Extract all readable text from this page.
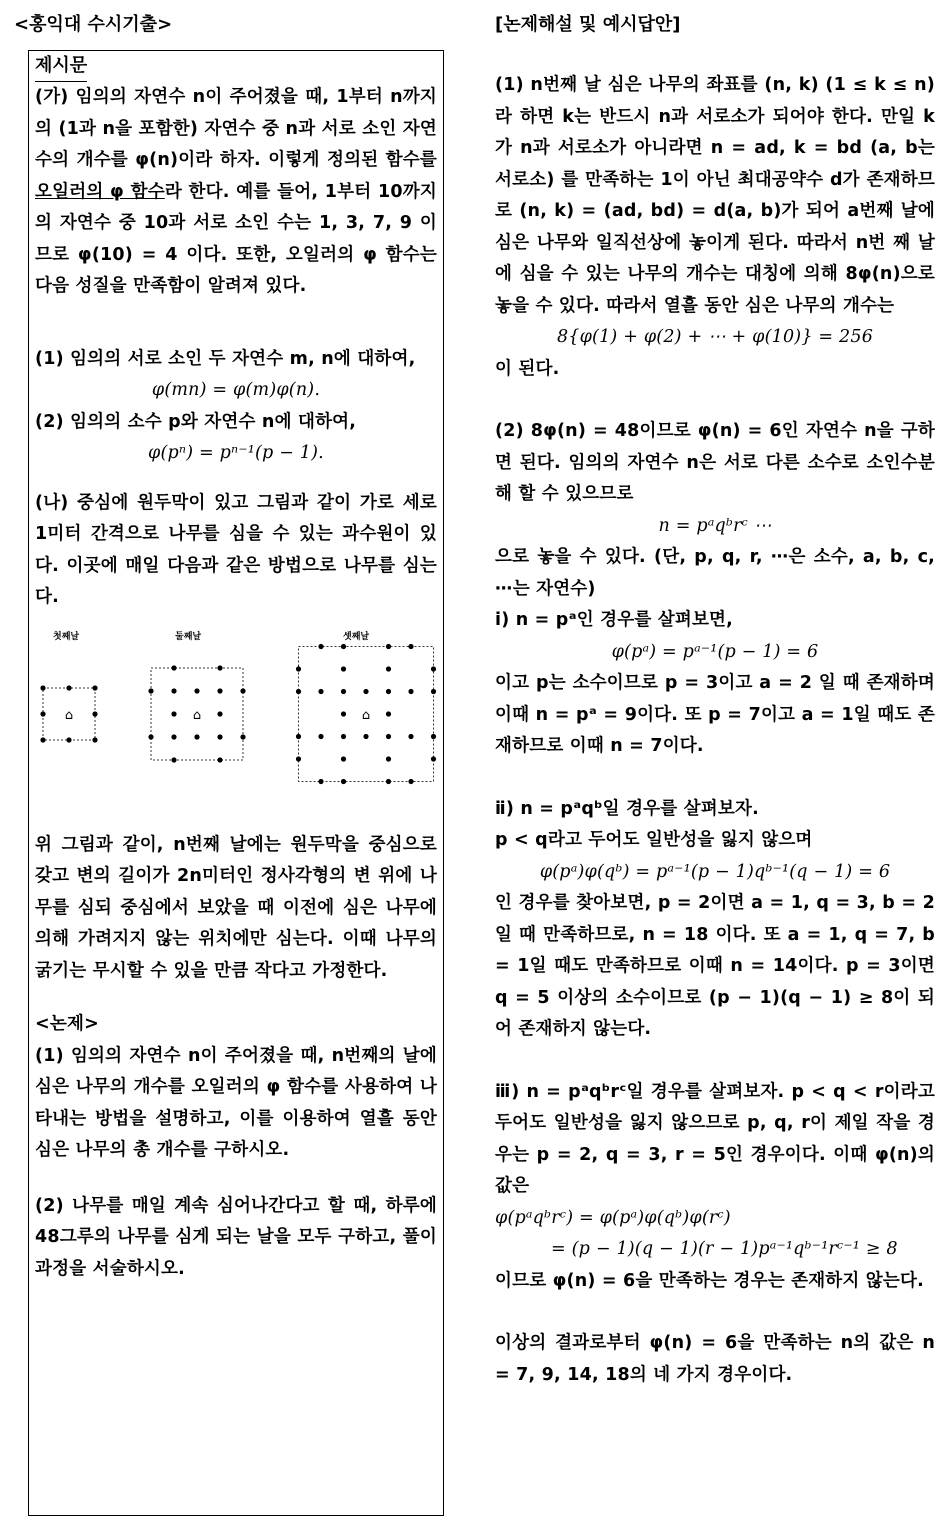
<홍익대 수시기출>	[논제해설 및 예시답안]
제시문

(가) 임의의 자연수 n이 주어졌을 때, 1부터 n까지의 (1과 n을 포함한) 자연수 중 n과 서로 소인 자연수의 개수를 φ(n)이라 하자. 이렇게 정의된 함수를 오일러의 φ 함수라 한다. 예를 들어, 1부터 10까지의 자연수 중 10과 서로 소인 수는 1, 3, 7, 9 이므로 φ(10) = 4 이다. 또한, 오일러의 φ 함수는 다음 성질을 만족함이 알려져 있다.

(1) 임의의 서로 소인 두 자연수 m, n에 대하여,

φ(mn) = φ(m)φ(n).

(2) 임의의 소수 p와 자연수 n에 대하여,

φ(pⁿ) = pⁿ⁻¹(p − 1).

(나) 중심에 원두막이 있고 그림과 같이 가로 세로 1미터 간격으로 나무를 심을 수 있는 과수원이 있다. 이곳에 매일 다음과 같은 방법으로 나무를 심는다.

첫째날	둘째날	셋째날
⌂	⌂	⌂

위 그림과 같이, n번째 날에는 원두막을 중심으로 갖고 변의 길이가 2n미터인 정사각형의 변 위에 나무를 심되 중심에서 보았을 때 이전에 심은 나무에 의해 가려지지 않는 위치에만 심는다. 이때 나무의 굵기는 무시할 수 있을 만큼 작다고 가정한다.

<논제>

(1) 임의의 자연수 n이 주어졌을 때, n번째의 날에 심은 나무의 개수를 오일러의 φ 함수를 사용하여 나타내는 방법을 설명하고, 이를 이용하여 열흘 동안 심은 나무의 총 개수를 구하시오.

(2) 나무를 매일 계속 심어나간다고 할 때, 하루에 48그루의 나무를 심게 되는 날을 모두 구하고, 풀이 과정을 서술하시오.

(1) n번째 날 심은 나무의 좌표를 (n, k) (1 ≤ k ≤ n) 라 하면 k는 반드시 n과 서로소가 되어야 한다. 만일 k가 n과 서로소가 아니라면 n = ad, k = bd (a, b는 서로소) 를 만족하는 1이 아닌 최대공약수 d가 존재하므로 (n, k) = (ad, bd) = d(a, b)가 되어 a번째 날에 심은 나무와 일직선상에 놓이게 된다. 따라서 n번 째 날에 심을 수 있는 나무의 개수는 대칭에 의해 8φ(n)으로 놓을 수 있다. 따라서 열흘 동안 심은 나무의 개수는

8{φ(1) + φ(2) + ⋯ + φ(10)} = 256

이 된다.

(2) 8φ(n) = 48이므로 φ(n) = 6인 자연수 n을 구하면 된다. 임의의 자연수 n은 서로 다른 소수로 소인수분해 할 수 있으므로

n = pᵃqᵇrᶜ ⋯

으로 놓을 수 있다. (단, p, q, r, ⋯은 소수, a, b, c, ⋯는 자연수)

ⅰ) n = pᵃ인 경우를 살펴보면,

φ(pᵃ) = pᵃ⁻¹(p − 1) = 6

이고 p는 소수이므로 p = 3이고 a = 2 일 때 존재하며 이때 n = pᵃ = 9이다. 또 p = 7이고 a = 1일 때도 존재하므로 이때 n = 7이다.

ⅱ) n = pᵃqᵇ일 경우를 살펴보자.

p < q라고 두어도 일반성을 잃지 않으며

φ(pᵃ)φ(qᵇ) = pᵃ⁻¹(p − 1)qᵇ⁻¹(q − 1) = 6

인 경우를 찾아보면, p = 2이면 a = 1, q = 3, b = 2 일 때 만족하므로, n = 18 이다. 또 a = 1, q = 7, b = 1일 때도 만족하므로 이때 n = 14이다. p = 3이면 q = 5 이상의 소수이므로 (p − 1)(q − 1) ≥ 8이 되어 존재하지 않는다.

ⅲ) n = pᵃqᵇrᶜ일 경우를 살펴보자. p < q < r이라고 두어도 일반성을 잃지 않으므로 p, q, r이 제일 작을 경우는 p = 2, q = 3, r = 5인 경우이다. 이때 φ(n)의 값은

φ(pᵃqᵇrᶜ) = φ(pᵃ)φ(qᵇ)φ(rᶜ)

= (p − 1)(q − 1)(r − 1)pᵃ⁻¹qᵇ⁻¹rᶜ⁻¹ ≥ 8

이므로 φ(n) = 6을 만족하는 경우는 존재하지 않는다.

이상의 결과로부터 φ(n) = 6을 만족하는 n의 값은 n = 7, 9, 14, 18의 네 가지 경우이다.
